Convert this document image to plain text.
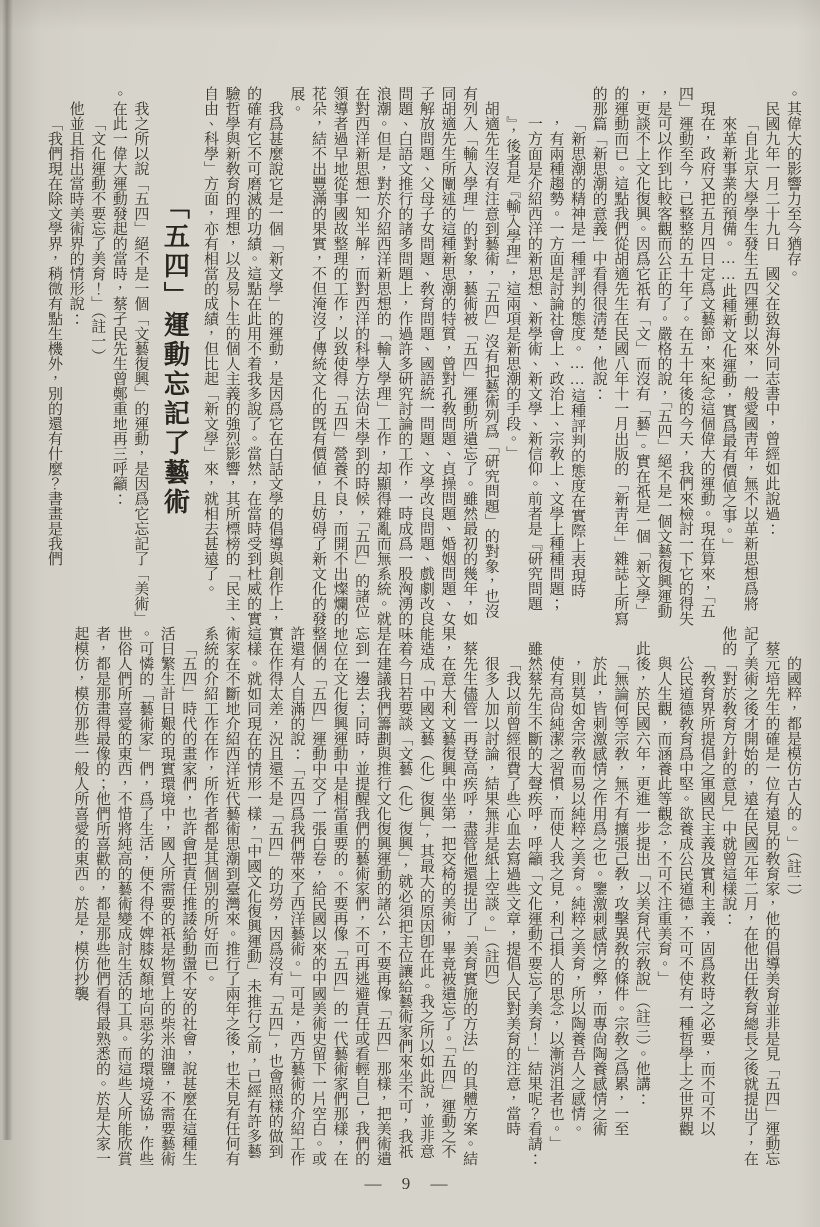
。其偉大的影響力至今猶存。

民國九年一月二十九日　國父在致海外同志書中，曾經如此說過：

「自北京大學學生發生五四運動以來，一般愛國靑年，無不以革新思想爲將來革新事業的預備。……此種新文化運動，實爲最有價値之事。」

現在，政府又把五月四日定爲文藝節，來紀念這個偉大的運動。現在算來，「五四」運動至今，已整整的五十年了。在五十年後的今天，我們來檢討一下它的得失，是可以作到比較客觀而公正的了。嚴格的說，「五四」絕不是一個文藝復興運動，更談不上文化復興。因爲它祇有「文」而沒有「藝」。實在祇是一個「新文學」的運動而已。這點我們從胡適先生在民國八年十一月出版的「新靑年」雜誌上所寫的那篇「新思潮的意義」中看得很淸楚，他說：

「新思潮的精神是一種評判的態度。……這種評判的態度在實際上表現時，有兩種趨勢。一方面是討論社會上、政治上、宗敎上、文學上種種問題；一方面是介紹西洋的新思想、新學術、新文學、新信仰。前者是『硏究問題』，後者是『輸入學理』，這兩項是新思潮的手段。」

胡適先生沒有注意到藝術，「五四」沒有把藝術列爲「硏究問題」的對象，也沒有列入「輸入學理」的對象，藝術被「五四」運動所遺忘了。雖然最初的幾年，如同胡適先生所闡述的這種新思潮的特質，曾對孔敎問題、貞操問題、婚姻問題、女子解放問題、父母子女問題、敎育問題、國語統一問題、文學改良問題、戲劇改良問題、白語文推行的諸多問題上，作過許多硏究討論的工作，一時成爲一股洶湧的浪潮。但是，對於介紹西洋新思想的「輸入學理」工作，却顯得雜亂而無系統。就在對西洋新思想一知半解，而對西洋的科學方法尙未學到的時候，「五四」的諸位領導者過早地從事國故整理的工作，以致使得「五四」營養不良，而開不出燦爛的花朵，結不出豐滿的果實，不但淹沒了傳統文化的旣有價値，且妨碍了新文化的發展。

我爲甚麼說它是一個「新文學」的運動，是因爲它在白話文學的倡導與創作上，的確有它不可磨滅的功績。這點在此用不着我多說了。當然，在當時受到杜威的實驗哲學與新敎育的理想，以及易卜生的個人主義的強烈影響，其所標榜的「民主、自由、科學」方面，亦有相當的成績，但比起「新文學」來，就相去甚遠了。

「五四」運動忘記了藝術

我之所以說「五四」絕不是一個「文藝復興」的運動，是因爲它忘記了「美術」。在此一偉大運動發起的當時，蔡孑民先生曾鄭重地再三呼籲：

「文化運動不要忘了美育！」（註一）

他並且指出當時美術界的情形說：

「我們現在除文學界，稍微有點生機外，別的還有什麼？書畫是我們

的國粹，都是模仿古人的。」（註二）

蔡元培先生的確是一位有遠見的敎育家，他的倡導美育並非是見「五四」運動忘記了美術之後才開始的，遠在民國元年二月，在他出任敎育總長之後就提出了，在他的「對於敎育方針的意見」中就曾這樣說：

「敎育界所提倡之軍國民主義及實利主義，固爲救時之必要，而不可不以公民道德敎育爲中堅。欲養成公民道德，不可不使有一種哲學上之世界觀與人生觀，而涵養此等觀念，不可不注重美育。」

此後，於民國六年，更進一步提出「以美育代宗敎說」（註三）。他講：

「無論何等宗敎，無不有擴張己敎，攻擊異敎的條件。宗敎之爲累，一至於此，皆刺激感情之作用爲之也。鑒激刺感情之弊，而專尙陶養感情之術，則莫如舍宗敎而易以純粹之美育。純粹之美育，所以陶養吾人之感情。使有高尙純潔之習慣，而使人我之見，利己損人的思念，以漸消沮者也。」

雖然蔡先生不斷的大聲疾呼，呼籲「文化運動不要忘了美育！」結果呢？看請：

「我以前曾經很費了些心血去寫過些文章，提倡人民對美育的注意，當時很多人加以討論，結果無非是紙上空談。」（註四）

蔡先生儘管一再登高疾呼，盡管他還提出了「美育實施的方法」的具體方案。結果，在意大利文藝復興中坐第一把交椅的美術，畢竟被遺忘了。「五四」運動之不能造成「中國文藝（化）復興」，其最大的原因卽在此。我之所以如此說，並非意味着今日若要談「文藝（化）復興」，就必須把主位讓給藝術家們來坐不可，我祇是在建議我們籌劃與推行文化復興運動的諸公，不要再像「五四」那樣，把美術遺忘到一邊去；同時，並提醒我們的藝術家們，不可再逃避責任或看輕自己，我們的地位在文化復興運動中是相當重要的。不要再像「五四」的一代藝術家們那樣，在整個的「五四」運動中交了一張白卷，給民國以來的中國美術史留下一片空白。或許還有人自滿的說：「五四爲我們帶來了西洋藝術。」可是，西方藝術的介紹工作實在作得太差，況且還不是「五四」的功勞，因爲沒有「五四」，也會照樣的做到這樣。就如同現在的情形一樣，「中國文化復興運動」未推行之前，已經有許多藝術家在不斷地介紹西洋近代藝術思潮到臺灣來。推行了兩年之後，也未見有任何有系統的介紹工作在作，所作者都是其個別的所好而已。

「五四」時代的畫家們，也許會把責任推諉給動盪不安的社會，說甚麼在這種生活日繁生計日艱的現實環境中，國人所需要的祇是物質上的柴米油鹽，不需要藝術。可憐的「藝術家」們，爲了生活，便不得不婢膝奴顏地向惡劣的環境妥協，作些世俗人們所喜愛的東西，不惜將純高的藝術變成討生活的工具。而這些人所能欣賞者，都是那畫得最像的；他們所喜歡的，都是那些他們看得最熟悉的。於是大家一起模仿，模仿那些一般人所喜愛的東西。於是，模仿抄襲

— 9 —
